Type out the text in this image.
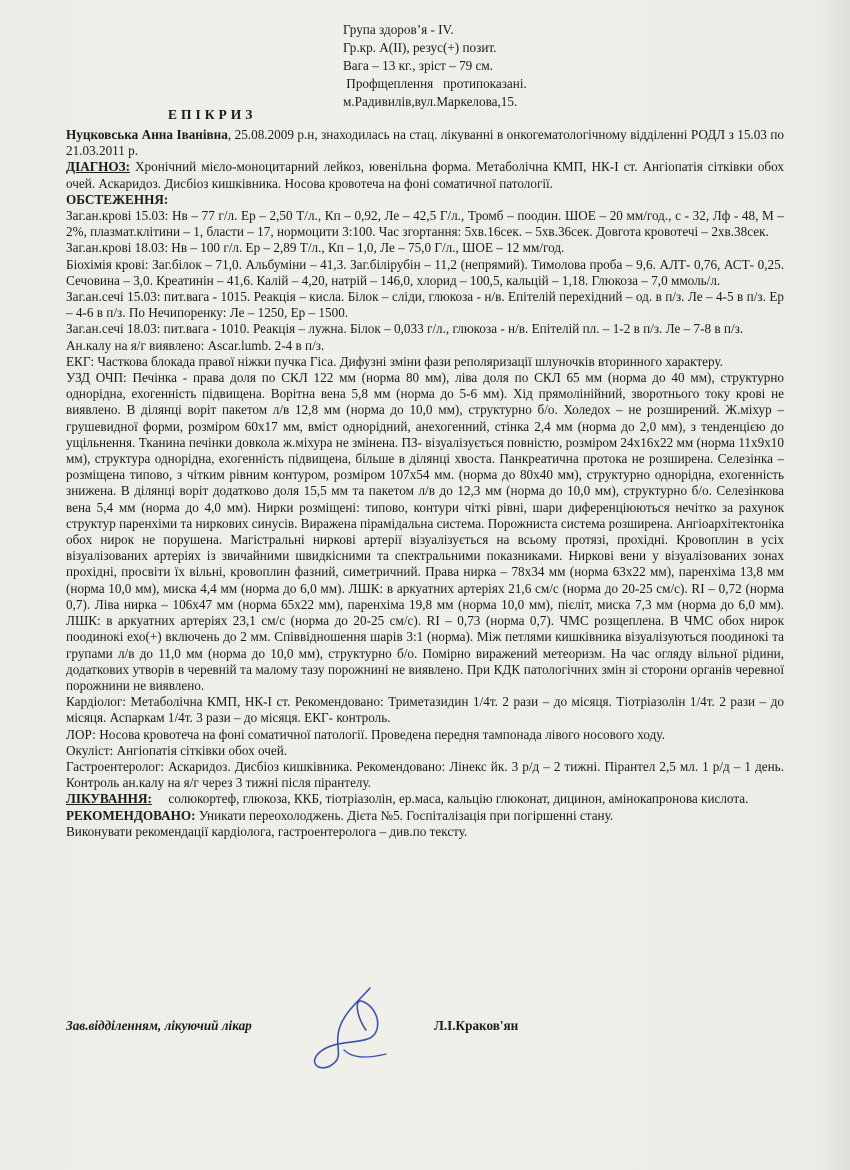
Група здоров’я - IV.
Гр.кр. А(ІІ), резус(+) позит.
Вага – 13 кг., зріст – 79 см.
Профщеплення   протипоказані.
м.Радивилів,вул.Маркелова,15.
ЕПІКРИЗ

Нуцковська Анна Іванівна, 25.08.2009 р.н, знаходилась на стац. лікуванні в онкогематологічному відділенні РОДЛ з 15.03 по 21.03.2011 р.

ДІАГНОЗ: Хронічний мієло-моноцитарний лейкоз, ювенільна форма. Метаболічна КМП, НК-І ст. Ангіопатія сітківки обох очей. Аскаридоз. Дисбіоз кишківника. Носова кровотеча на фоні соматичної патології.

ОБСТЕЖЕННЯ:

Заг.ан.крові 15.03: Нв – 77 г/л. Ер – 2,50 Т/л., Кп – 0,92, Ле – 42,5 Г/л., Тромб – поодин. ШОЕ – 20 мм/год., с - 32, Лф - 48, М – 2%, плазмат.клітини – 1, бласти – 17, нормоцити 3:100. Час згортання: 5хв.16сек. – 5хв.36сек. Довгота кровотечі – 2хв.38сек.

Заг.ан.крові 18.03: Нв – 100 г/л. Ер – 2,89 Т/л., Кп – 1,0, Ле – 75,0 Г/л., ШОЕ – 12 мм/год.

Біохімія крові: Заг.білок – 71,0. Альбуміни – 41,3. Заг.білірубін – 11,2 (непрямий). Тимолова проба – 9,6. АЛТ- 0,76, АСТ- 0,25. Сечовина – 3,0. Креатинін – 41,6. Калій – 4,20, натрій – 146,0, хлорид – 100,5, кальцій – 1,18. Глюкоза – 7,0 ммоль/л.

Заг.ан.сечі 15.03: пит.вага - 1015. Реакція – кисла. Білок – сліди, глюкоза - н/в. Епітелій перехідний – од. в п/з. Ле – 4-5 в п/з. Ер – 4-6 в п/з. По Нечипоренку: Ле – 1250, Ер – 1500.

Заг.ан.сечі 18.03: пит.вага - 1010. Реакція – лужна. Білок – 0,033 г/л., глюкоза - н/в. Епітелій пл. – 1-2 в п/з. Ле – 7-8 в п/з.

Ан.калу на я/г виявлено: Ascar.lumb. 2-4 в п/з.

ЕКГ: Часткова блокада правої ніжки пучка Гіса. Дифузні зміни фази реполяризації шлуночків вторинного характеру.

УЗД ОЧП: Печінка - права доля по СКЛ 122 мм (норма 80 мм), ліва доля по СКЛ 65 мм (норма до 40 мм), структурно однорідна, ехогенність підвищена. Ворітна вена 5,8 мм (норма до 5-6 мм). Хід прямолінійний, зворотнього току крові не виявлено. В ділянці воріт пакетом л/в 12,8 мм (норма до 10,0 мм), структурно б/о. Холедох – не розширений. Ж.міхур – грушевидної форми, розміром 60х17 мм, вміст однорідний, анехогенний, стінка 2,4 мм (норма до 2,0 мм), з тенденцією до ущільнення. Тканина печінки довкола ж.міхура не змінена. ПЗ- візуалізується повністю, розміром 24х16х22 мм (норма 11х9х10 мм), структура однорідна, ехогенність підвищена, більше в ділянці хвоста. Панкреатична протока не розширена. Селезінка – розміщена типово, з чітким рівним контуром, розміром 107х54 мм. (норма до 80х40 мм), структурно однорідна, ехогенність знижена. В ділянці воріт додатково доля 15,5 мм та пакетом л/в до 12,3 мм (норма до 10,0 мм), структурно б/о. Селезінкова вена 5,4 мм (норма до 4,0 мм). Нирки розміщені: типово, контури чіткі рівні, шари диференціюються нечітко за рахунок структур паренхіми та ниркових синусів. Виражена пірамідальна система. Порожниста система розширена. Ангіоархітектоніка обох нирок не порушена. Магістральні ниркові артерії візуалізується на всьому протязі, прохідні. Кровоплин в усіх візуалізованих артеріях із звичайними швидкісними та спектральними показниками. Ниркові вени у візуалізованих зонах прохідні, просвіти їх вільні, кровоплин фазний, симетричний. Права нирка – 78х34 мм (норма 63х22 мм), паренхіма 13,8 мм (норма 10,0 мм), миска 4,4 мм (норма до 6,0 мм). ЛШК: в аркуатних артеріях 21,6 см/с (норма до 20-25 см/с). RI – 0,72 (норма 0,7). Ліва нирка – 106х47 мм (норма 65х22 мм), паренхіма 19,8 мм (норма 10,0 мм), пієліт, миска 7,3 мм (норма до 6,0 мм). ЛШК: в аркуатних артеріях 23,1 см/с (норма до 20-25 см/с). RI – 0,73 (норма 0,7). ЧМС розщеплена. В ЧМС обох нирок поодинокі ехо(+) включень до 2 мм. Співвідношення шарів 3:1 (норма). Між петлями кишківника візуалізуються поодинокі та групами л/в до 11,0 мм (норма до 10,0 мм), структурно б/о. Помірно виражений метеоризм. На час огляду вільної рідини, додаткових утворів в черевній та малому тазу порожнині не виявлено. При КДК патологічних змін зі сторони органів черевної порожнини не виявлено.

Кардіолог: Метаболічна КМП, НК-І ст. Рекомендовано: Триметазидин 1/4т. 2 рази – до місяця. Тіотріазолін 1/4т. 2 рази – до місяця. Аспаркам 1/4т. 3 рази – до місяця. ЕКГ- контроль.

ЛОР: Носова кровотеча на фоні соматичної патології. Проведена передня тампонада лівого носового ходу.

Окуліст: Ангіопатія сітківки обох очей.

Гастроентеролог: Аскаридоз. Дисбіоз кишківника. Рекомендовано: Лінекс йк. 3 р/д – 2 тижні. Пірантел 2,5 мл. 1 р/д – 1 день. Контроль ан.калу на я/г через 3 тижні після пірантелу.

ЛІКУВАННЯ:     солюкортеф, глюкоза, ККБ, тіотріазолін, ер.маса, кальцію глюконат, дицинон, амінокапронова кислота.

РЕКОМЕНДОВАНО: Уникати переохолоджень. Дієта №5. Госпіталізація при погіршенні стану.

Виконувати рекомендації кардіолога, гастроентеролога – див.по тексту.

Зав.відділенням, лікуючий лікар	Л.І.Краков'ян
